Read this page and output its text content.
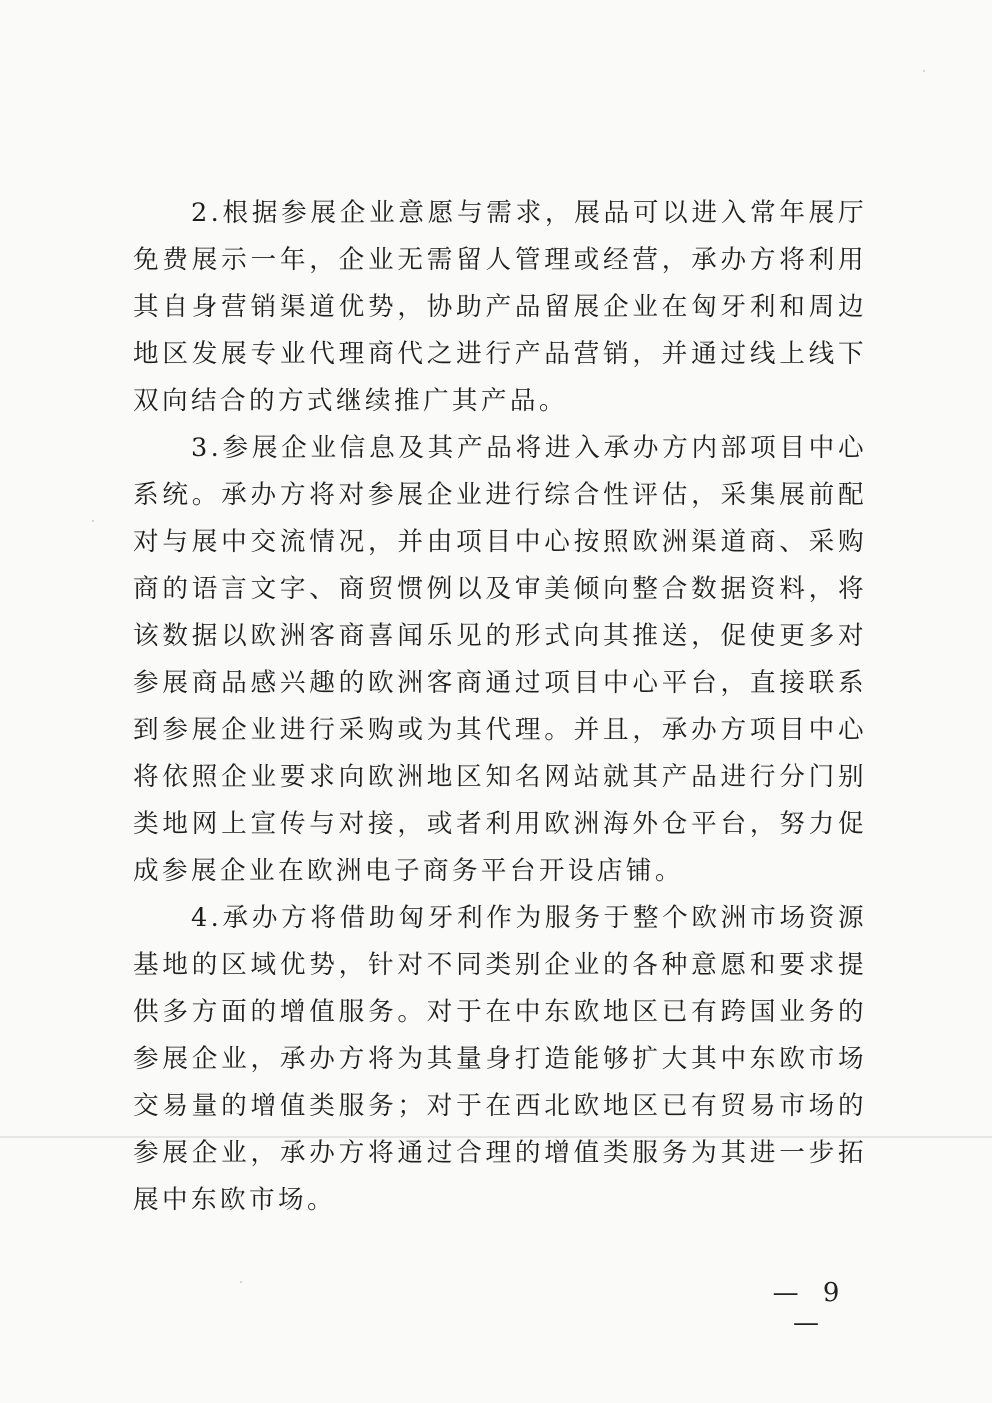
2.根据参展企业意愿与需求，展品可以进入常年展厅免费展示一年，企业无需留人管理或经营，承办方将利用其自身营销渠道优势，协助产品留展企业在匈牙利和周边地区发展专业代理商代之进行产品营销，并通过线上线下双向结合的方式继续推广其产品。

3.参展企业信息及其产品将进入承办方内部项目中心系统。承办方将对参展企业进行综合性评估，采集展前配对与展中交流情况，并由项目中心按照欧洲渠道商、采购商的语言文字、商贸惯例以及审美倾向整合数据资料，将该数据以欧洲客商喜闻乐见的形式向其推送，促使更多对参展商品感兴趣的欧洲客商通过项目中心平台，直接联系到参展企业进行采购或为其代理。并且，承办方项目中心将依照企业要求向欧洲地区知名网站就其产品进行分门别类地网上宣传与对接，或者利用欧洲海外仓平台，努力促成参展企业在欧洲电子商务平台开设店铺。

4.承办方将借助匈牙利作为服务于整个欧洲市场资源基地的区域优势，针对不同类别企业的各种意愿和要求提供多方面的增值服务。对于在中东欧地区已有跨国业务的参展企业，承办方将为其量身打造能够扩大其中东欧市场交易量的增值类服务；对于在西北欧地区已有贸易市场的参展企业，承办方将通过合理的增值类服务为其进一步拓展中东欧市场。

— 9 —
